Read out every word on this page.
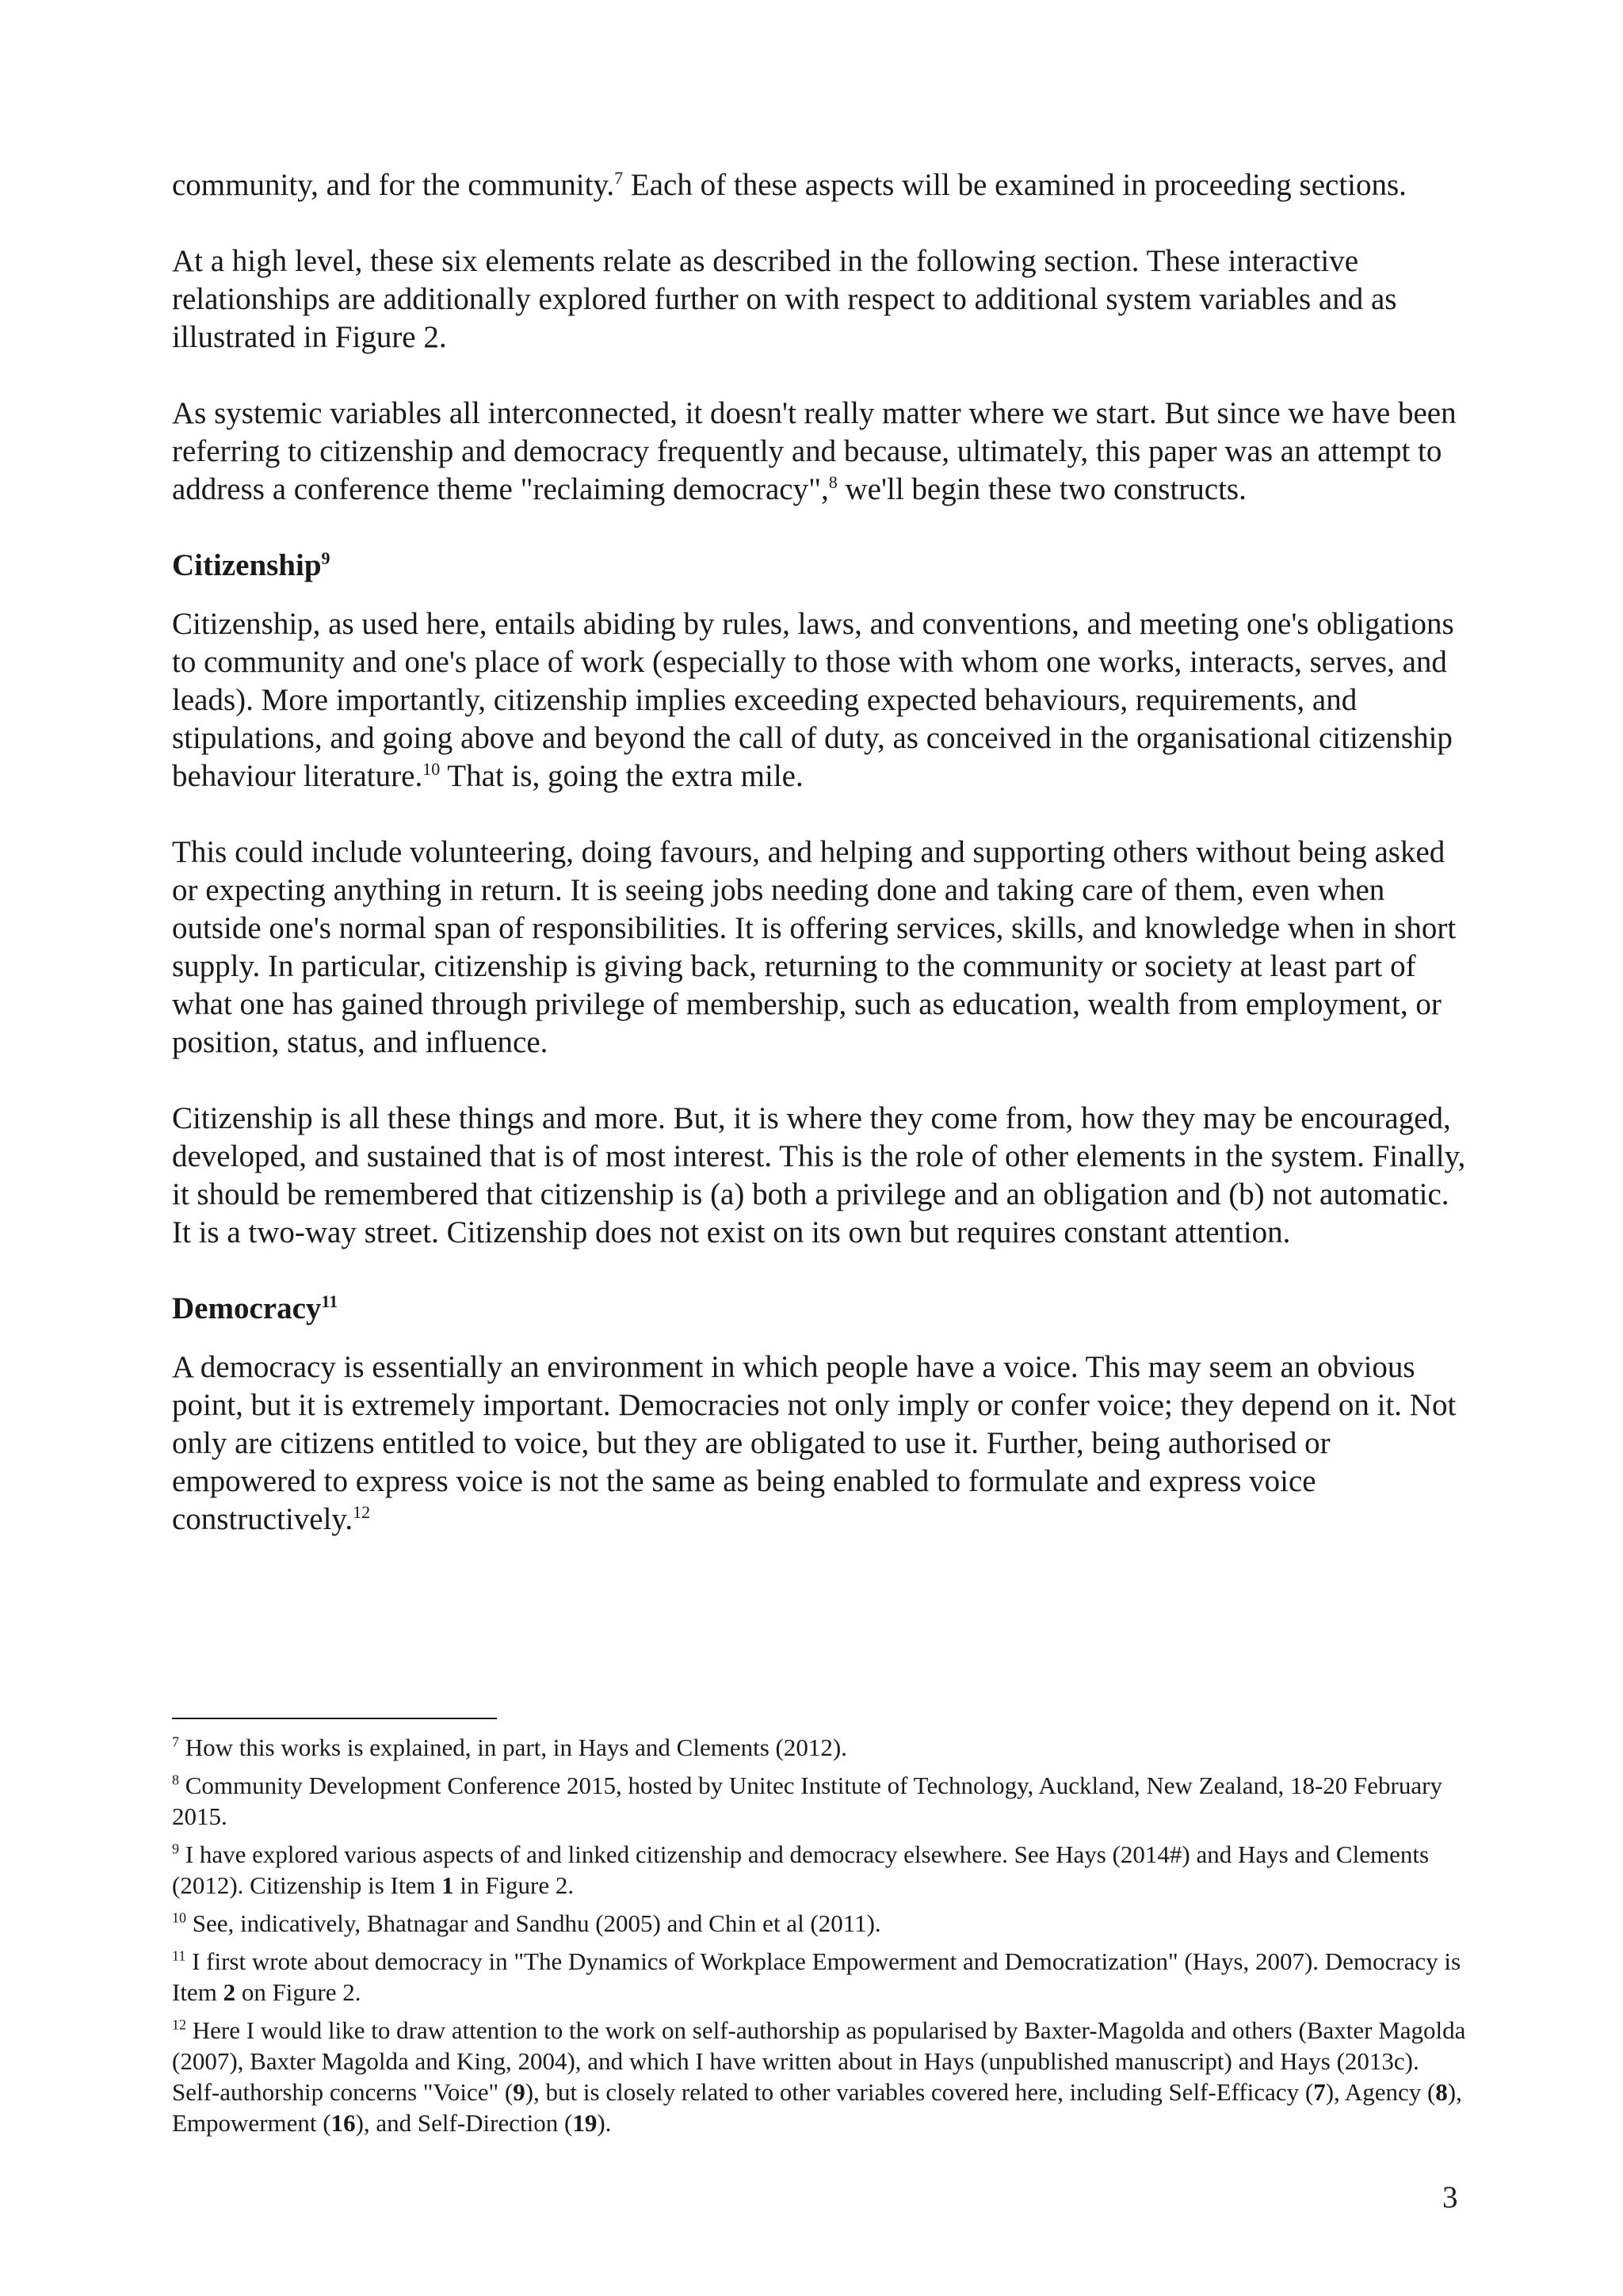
community, and for the community.$^7$ Each of these aspects will be examined in proceeding sections.

At a high level, these six elements relate as described in the following section. These interactive relationships are additionally explored further on with respect to additional system variables and as illustrated in Figure 2.

As systemic variables all interconnected, it doesn't really matter where we start. But since we have been referring to citizenship and democracy frequently and because, ultimately, this paper was an attempt to address a conference theme "reclaiming democracy",$^8$ we'll begin these two constructs.

Citizenship$^9$

Citizenship, as used here, entails abiding by rules, laws, and conventions, and meeting one's obligations to community and one's place of work (especially to those with whom one works, interacts, serves, and leads). More importantly, citizenship implies exceeding expected behaviours, requirements, and stipulations, and going above and beyond the call of duty, as conceived in the organisational citizenship behaviour literature.$^{10}$ That is, going the extra mile.

This could include volunteering, doing favours, and helping and supporting others without being asked or expecting anything in return. It is seeing jobs needing done and taking care of them, even when outside one's normal span of responsibilities. It is offering services, skills, and knowledge when in short supply. In particular, citizenship is giving back, returning to the community or society at least part of what one has gained through privilege of membership, such as education, wealth from employment, or position, status, and influence.

Citizenship is all these things and more. But, it is where they come from, how they may be encouraged, developed, and sustained that is of most interest. This is the role of other elements in the system. Finally, it should be remembered that citizenship is (a) both a privilege and an obligation and (b) not automatic. It is a two-way street. Citizenship does not exist on its own but requires constant attention.

Democracy$^{11}$

A democracy is essentially an environment in which people have a voice. This may seem an obvious point, but it is extremely important. Democracies not only imply or confer voice; they depend on it. Not only are citizens entitled to voice, but they are obligated to use it. Further, being authorised or empowered to express voice is not the same as being enabled to formulate and express voice constructively.$^{12}$

$^7$ How this works is explained, in part, in Hays and Clements (2012).

$^8$ Community Development Conference 2015, hosted by Unitec Institute of Technology, Auckland, New Zealand, 18-20 February 2015.

$^9$ I have explored various aspects of and linked citizenship and democracy elsewhere. See Hays (2014#) and Hays and Clements (2012). Citizenship is Item 1 in Figure 2.

$^{10}$ See, indicatively, Bhatnagar and Sandhu (2005) and Chin et al (2011).

$^{11}$ I first wrote about democracy in "The Dynamics of Workplace Empowerment and Democratization" (Hays, 2007). Democracy is Item 2 on Figure 2.

$^{12}$ Here I would like to draw attention to the work on self-authorship as popularised by Baxter-Magolda and others (Baxter Magolda (2007), Baxter Magolda and King, 2004), and which I have written about in Hays (unpublished manuscript) and Hays (2013c). Self-authorship concerns "Voice" (9), but is closely related to other variables covered here, including Self-Efficacy (7), Agency (8), Empowerment (16), and Self-Direction (19).

3
